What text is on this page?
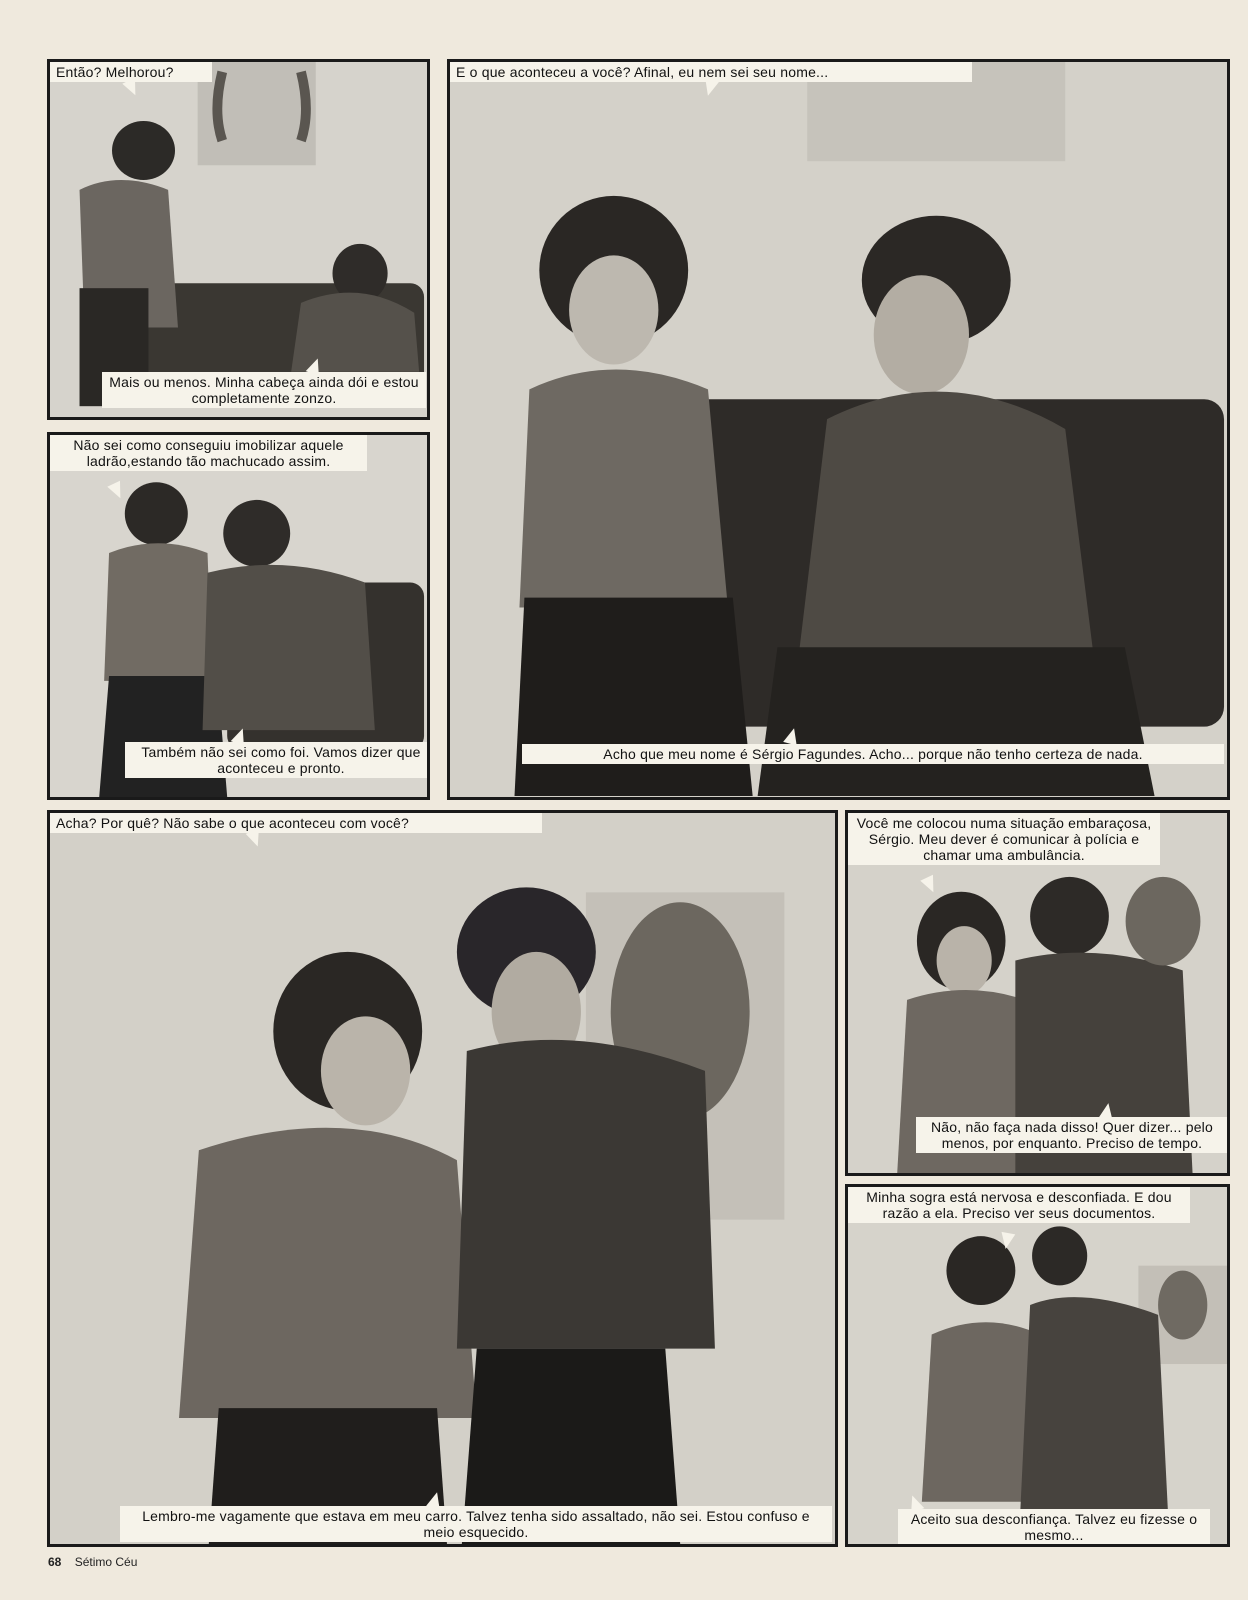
Então? Melhorou?
Mais ou menos. Minha cabeça ainda dói e estou completamente zonzo.
E o que aconteceu a você? Afinal, eu nem sei seu nome...
Acho que meu nome é Sérgio Fagundes. Acho... porque não tenho certeza de nada.
Não sei como conseguiu imobilizar aquele ladrão,estando tão machucado assim.
Também não sei como foi. Vamos dizer que aconteceu e pronto.
Acha? Por quê? Não sabe o que aconteceu com você?
Lembro-me vagamente que estava em meu carro. Talvez tenha sido assaltado, não sei. Estou confuso e meio esquecido.
Você me colocou numa situação embaraçosa, Sérgio. Meu dever é comunicar à polícia e chamar uma ambulância.
Não, não faça nada disso! Quer dizer... pelo menos, por enquanto. Preciso de tempo.
Minha sogra está nervosa e desconfiada. E dou razão a ela. Preciso ver seus documentos.
Aceito sua desconfiança. Talvez eu fizesse o mesmo...
68 Sétimo Céu
